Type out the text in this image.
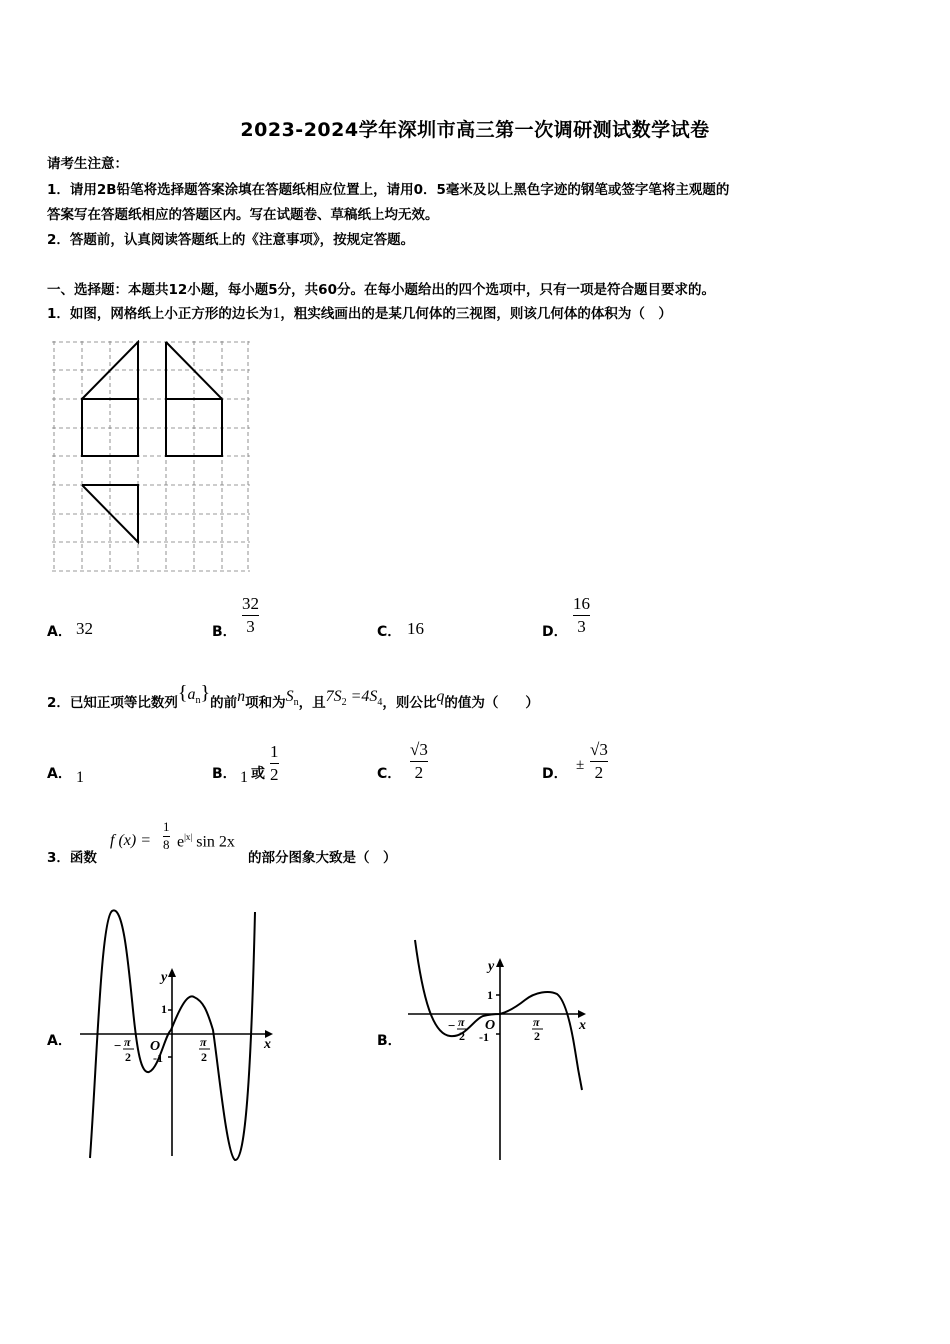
2023-2024学年深圳市高三第一次调研测试数学试卷
请考生注意：
1．请用2B铅笔将选择题答案涂填在答题纸相应位置上，请用0．5毫米及以上黑色字迹的钢笔或签字笔将主观题的
答案写在答题纸相应的答题区内。写在试题卷、草稿纸上均无效。
2．答题前，认真阅读答题纸上的《注意事项》，按规定答题。
一、选择题：本题共12小题，每小题5分，共60分。在每小题给出的四个选项中，只有一项是符合题目要求的。
1．如图，网格纸上小正方形的边长为1，粗实线画出的是某几何体的三视图，则该几何体的体积为（　）
A． 32	B．
32
3	C． 16	D．
16
3
2．已知正项等比数列$\{a_n\}$的前n项和为$S_n$，且$7S_2 =4S_4$，则公比q的值为（　　）
A． 1	B． 1 或
1
2	C．
√3
2	D．
±
√3
2
3．函数
f (x) =
1
8 $e^{|x|}$ sin 2x
的部分图象大致是（　）
A．
y
x
1
-1
O
− π
2
π
2
B．
y
x
1
-1
O
− π
2
π
2
